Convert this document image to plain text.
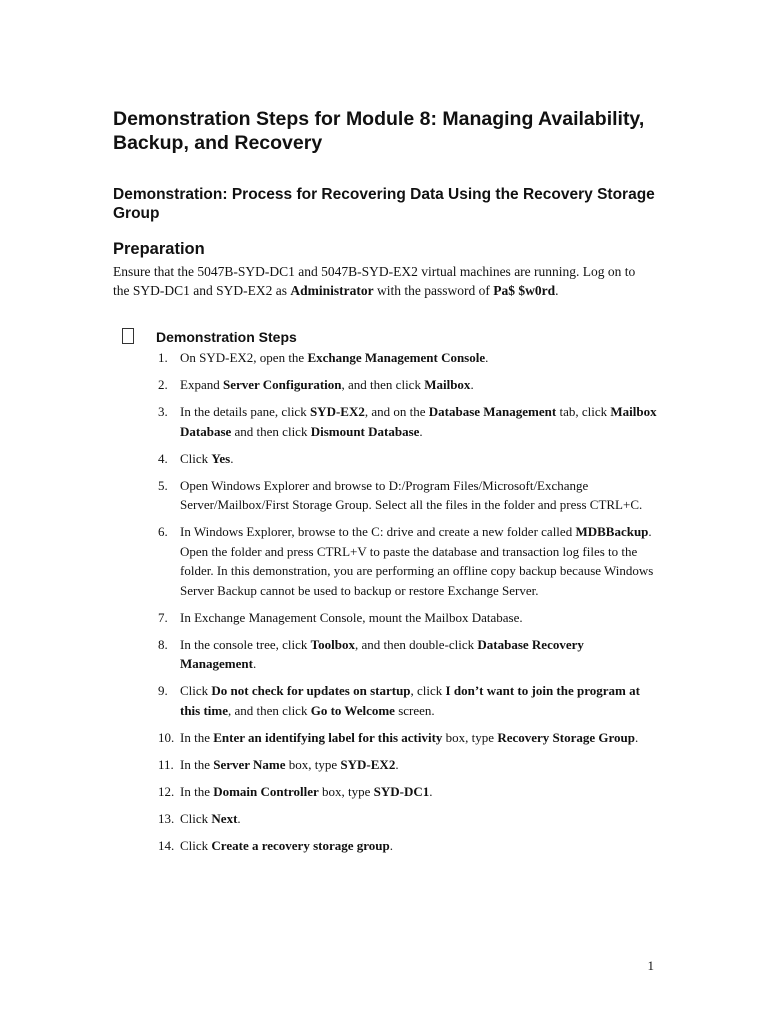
Demonstration Steps for Module 8: Managing Availability, Backup, and Recovery
Demonstration: Process for Recovering Data Using the Recovery Storage Group
Preparation

Ensure that the 5047B-SYD-DC1 and 5047B-SYD-EX2 virtual machines are running. Log on to the SYD-DC1 and SYD-EX2 as Administrator with the password of Pa$ $w0rd.

Demonstration Steps
1. On SYD-EX2, open the Exchange Management Console.
2. Expand Server Configuration, and then click Mailbox.
3. In the details pane, click SYD-EX2, and on the Database Management tab, click Mailbox Database and then click Dismount Database.
4. Click Yes.
5. Open Windows Explorer and browse to D:/Program Files/Microsoft/Exchange Server/Mailbox/First Storage Group. Select all the files in the folder and press CTRL+C.
6. In Windows Explorer, browse to the C: drive and create a new folder called MDBBackup. Open the folder and press CTRL+V to paste the database and transaction log files to the folder. In this demonstration, you are performing an offline copy backup because Windows Server Backup cannot be used to backup or restore Exchange Server.
7. In Exchange Management Console, mount the Mailbox Database.
8. In the console tree, click Toolbox, and then double-click Database Recovery Management.
9. Click Do not check for updates on startup, click I don’t want to join the program at this time, and then click Go to Welcome screen.
10. In the Enter an identifying label for this activity box, type Recovery Storage Group.
11. In the Server Name box, type SYD-EX2.
12. In the Domain Controller box, type SYD-DC1.
13. Click Next.
14. Click Create a recovery storage group.
1
